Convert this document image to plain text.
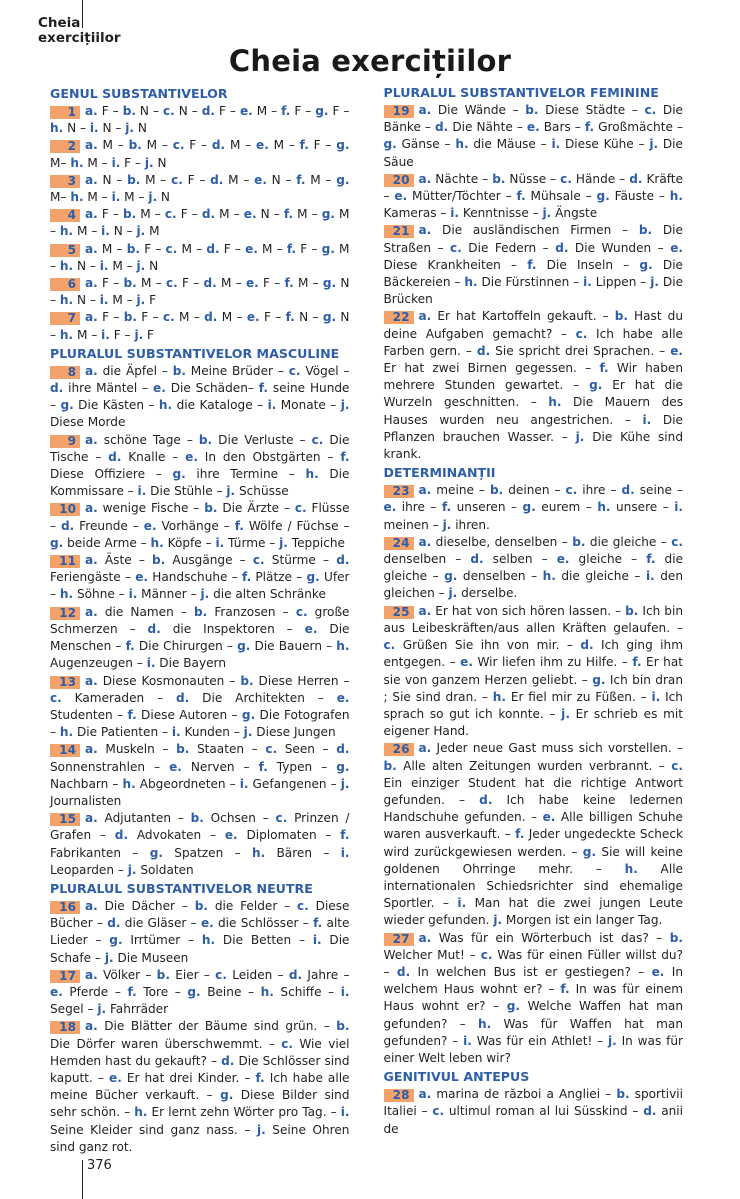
Cheia
exercițiilor
Cheia exercițiilor
GENUL SUBSTANTIVELOR
1 a. F – b. N – c. N – d. F – e. M – f. F – g. F – h. N – i. N – j. N
2 a. M – b. M – c. F – d. M – e. M – f. F – g. M– h. M – i. F – j. N
3 a. N – b. M – c. F – d. M – e. N – f. M – g. M– h. M – i. M – j. N
4 a. F – b. M – c. F – d. M – e. N – f. M – g. M – h. M – i. N – j. M
5 a. M – b. F – c. M – d. F – e. M – f. F – g. M – h. N – i. M – j. N
6 a. F – b. M – c. F – d. M – e. F – f. M – g. N – h. N – i. M – j. F
7 a. F – b. F – c. M – d. M – e. F – f. N – g. N – h. M – i. F – j. F
PLURALUL SUBSTANTIVELOR MASCULINE
8 a. die Äpfel – b. Meine Brüder – c. Vögel – d. ihre Mäntel – e. Die Schäden– f. seine Hunde – g. Die Kästen – h. die Kataloge – i. Monate – j. Diese Morde
9 a. schöne Tage – b. Die Verluste – c. Die Tische – d. Knalle – e. In den Obstgärten – f. Diese Offiziere – g. ihre Termine – h. Die Kommissare – i. Die Stühle – j. Schüsse
10 a. wenige Fische – b. Die Ärzte – c. Flüsse – d. Freunde – e. Vorhänge – f. Wölfe / Füchse – g. beide Arme – h. Köpfe – i. Türme – j. Teppiche
11 a. Äste – b. Ausgänge – c. Stürme – d. Feriengäste – e. Handschuhe – f. Plätze – g. Ufer – h. Söhne – i. Männer – j. die alten Schränke
12 a. die Namen – b. Franzosen – c. große Schmerzen – d. die Inspektoren – e. Die Menschen – f. Die Chirurgen – g. Die Bauern – h. Augenzeugen – i. Die Bayern
13 a. Diese Kosmonauten – b. Diese Herren – c. Kameraden – d. Die Architekten – e. Studenten – f. Diese Autoren – g. Die Fotografen – h. Die Patienten – i. Kunden – j. Diese Jungen
14 a. Muskeln – b. Staaten – c. Seen – d. Sonnenstrahlen – e. Nerven – f. Typen – g. Nachbarn – h. Abgeordneten – i. Gefangenen – j. Journalisten
15 a. Adjutanten – b. Ochsen – c. Prinzen / Grafen – d. Advokaten – e. Diplomaten – f. Fabrikanten – g. Spatzen – h. Bären – i. Leoparden – j. Soldaten
PLURALUL SUBSTANTIVELOR NEUTRE
16 a. Die Dächer – b. die Felder – c. Diese Bücher – d. die Gläser – e. die Schlösser – f. alte Lieder – g. Irrtümer – h. Die Betten – i. Die Schafe – j. Die Museen
17 a. Völker – b. Eier – c. Leiden – d. Jahre – e. Pferde – f. Tore – g. Beine – h. Schiffe – i. Segel – j. Fahrräder
18 a. Die Blätter der Bäume sind grün. – b. Die Dörfer waren überschwemmt. – c. Wie viel Hemden hast du gekauft? – d. Die Schlösser sind kaputt. – e. Er hat drei Kinder. – f. Ich habe alle meine Bücher verkauft. – g. Diese Bilder sind sehr schön. – h. Er lernt zehn Wörter pro Tag. – i. Seine Kleider sind ganz nass. – j. Seine Ohren sind ganz rot.
PLURALUL SUBSTANTIVELOR FEMININE
19 a. Die Wände – b. Diese Städte – c. Die Bänke – d. Die Nähte – e. Bars – f. Großmächte – g. Gänse – h. die Mäuse – i. Diese Kühe – j. Die Säue
20 a. Nächte – b. Nüsse – c. Hände – d. Kräfte – e. Mütter/Töchter – f. Mühsale – g. Fäuste – h. Kameras – i. Kenntnisse – j. Ängste
21 a. Die ausländischen Firmen – b. Die Straßen – c. Die Federn – d. Die Wunden – e. Diese Krankheiten – f. Die Inseln – g. Die Bäckereien – h. Die Fürstinnen – i. Lippen – j. Die Brücken
22 a. Er hat Kartoffeln gekauft. – b. Hast du deine Aufgaben gemacht? – c. Ich habe alle Farben gern. – d. Sie spricht drei Sprachen. – e. Er hat zwei Birnen gegessen. – f. Wir haben mehrere Stunden gewartet. – g. Er hat die Wurzeln geschnitten. – h. Die Mauern des Hauses wurden neu angestrichen. – i. Die Pflanzen brauchen Wasser. – j. Die Kühe sind krank.
DETERMINANȚII
23 a. meine – b. deinen – c. ihre – d. seine – e. ihre – f. unseren – g. eurem – h. unsere – i. meinen – j. ihren.
24 a. dieselbe, denselben – b. die gleiche – c. denselben – d. selben – e. gleiche – f. die gleiche – g. denselben – h. die gleiche – i. den gleichen – j. derselbe.
25 a. Er hat von sich hören lassen. – b. Ich bin aus Leibeskräften/aus allen Kräften gelaufen. – c. Grüßen Sie ihn von mir. – d. Ich ging ihm entgegen. – e. Wir liefen ihm zu Hilfe. – f. Er hat sie von ganzem Herzen geliebt. – g. Ich bin dran ; Sie sind dran. – h. Er fiel mir zu Füßen. – i. Ich sprach so gut ich konnte. – j. Er schrieb es mit eigener Hand.
26 a. Jeder neue Gast muss sich vorstellen. – b. Alle alten Zeitungen wurden verbrannt. – c. Ein einziger Student hat die richtige Antwort gefunden. – d. Ich habe keine ledernen Handschuhe gefunden. – e. Alle billigen Schuhe waren ausverkauft. – f. Jeder ungedeckte Scheck wird zurückgewiesen werden. – g. Sie will keine goldenen Ohrringe mehr. – h. Alle internationalen Schiedsrichter sind ehemalige Sportler. – i. Man hat die zwei jungen Leute wieder gefunden. j. Morgen ist ein langer Tag.
27 a. Was für ein Wörterbuch ist das? – b. Welcher Mut! – c. Was für einen Füller willst du? – d. In welchen Bus ist er gestiegen? – e. In welchem Haus wohnt er? – f. In was für einem Haus wohnt er? – g. Welche Waffen hat man gefunden? – h. Was für Waffen hat man gefunden? – i. Was für ein Athlet! – j. In was für einer Welt leben wir?
GENITIVUL ANTEPUS
28 a. marina de război a Angliei – b. sportivii Italiei – c. ultimul roman al lui Süsskind – d. anii de
376
